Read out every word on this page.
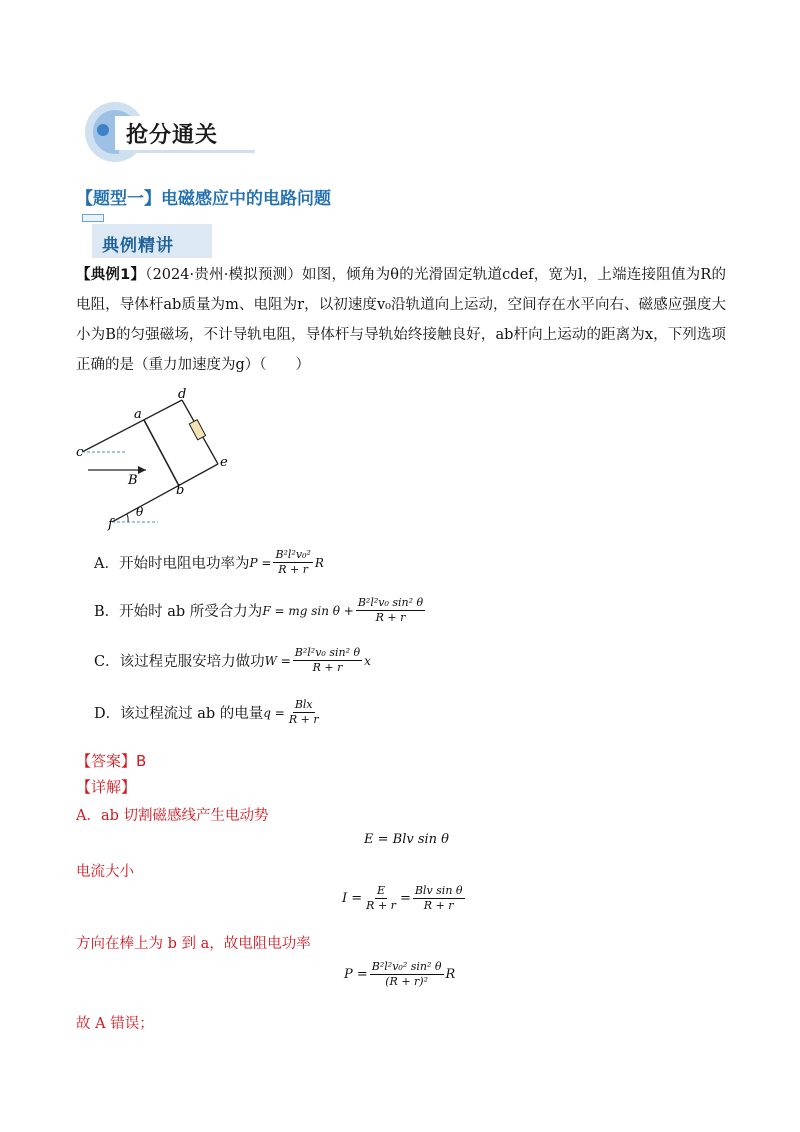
抢分通关
【题型一】电磁感应中的电路问题
典例精讲
【典例1】（2024·贵州·模拟预测）如图，倾角为θ的光滑固定轨道cdef，宽为l，上端连接阻值为R的电阻，导体杆ab质量为m、电阻为r，以初速度v₀沿轨道向上运动，空间存在水平向右、磁感应强度大小为B的匀强磁场，不计导轨电阻，导体杆与导轨始终接触良好，ab杆向上运动的距离为x，下列选项正确的是（重力加速度为g）（　　）
c
a
d
e
b
B
f
θ
A．开始时电阻电功率为 $P = \frac{\text{B²l²v₀²}}{R + r}$ R
B．开始时 ab 所受合力为 F = mg $\sin \theta + \frac{\text{B²l²v₀ sin² θ}}{R + r}$
C．该过程克服安培力做功 $W = \frac{\text{B²l²v₀ sin² θ}}{R + r}$ x
D．该过程流过 ab 的电量 $q = \frac{\text{Blx}}{R + r}$
【答案】B
【详解】
A．ab 切割磁感线产生电动势
E = Blv sin θ
电流大小
$I = \frac{E}{R + r} = \frac{\text{Blv sin θ}}{R + r}$
方向在棒上为 b 到 a，故电阻电功率
$P = \frac{\text{B²l²v₀² sin² θ}}{\text{(R + r)²}}$ R
故 A 错误；
